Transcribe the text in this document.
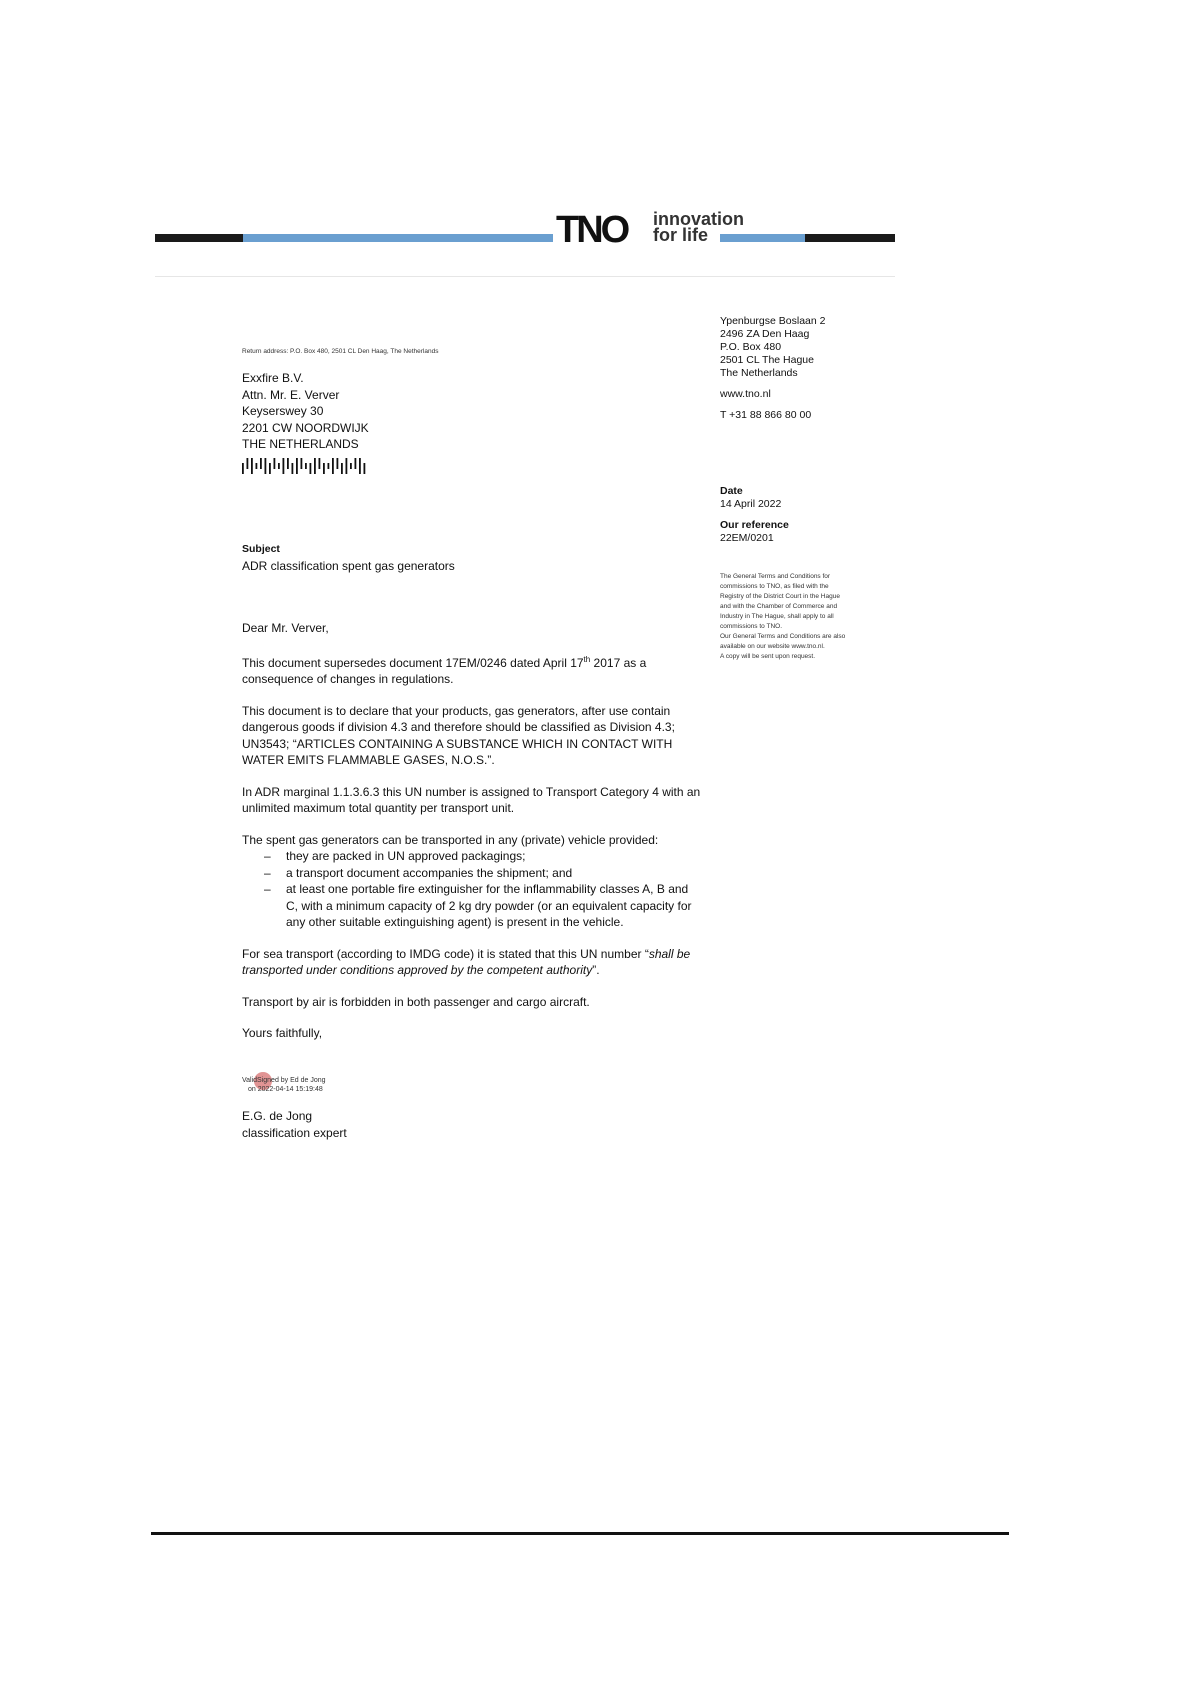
TNO innovation
for life
Ypenburgse Boslaan 2
2496 ZA Den Haag
P.O. Box 480
2501 CL The Hague
The Netherlands
www.tno.nl
T +31 88 866 80 00
Return address: P.O. Box 480, 2501 CL Den Haag, The Netherlands
Exxfire B.V.
Attn. Mr. E. Verver
Keyserswey 30
2201 CW NOORDWIJK
THE NETHERLANDS
Date
14 April 2022
Our reference
22EM/0201
The General Terms and Conditions for
commissions to TNO, as filed with the
Registry of the District Court in the Hague
and with the Chamber of Commerce and
Industry in The Hague, shall apply to all
commissions to TNO.
Our General Terms and Conditions are also
available on our website www.tno.nl.
A copy will be sent upon request.
Subject
ADR classification spent gas generators

Dear Mr. Verver,

This document supersedes document 17EM/0246 dated April 17th 2017 as a consequence of changes in regulations.

This document is to declare that your products, gas generators, after use contain dangerous goods if division 4.3 and therefore should be classified as Division 4.3; UN3543; “ARTICLES CONTAINING A SUBSTANCE WHICH IN CONTACT WITH WATER EMITS FLAMMABLE GASES, N.O.S.”.

In ADR marginal 1.1.3.6.3 this UN number is assigned to Transport Category 4 with an unlimited maximum total quantity per transport unit.

The spent gas generators can be transported in any (private) vehicle provided:
– they are packed in UN approved packagings;
– a transport document accompanies the shipment; and
– at least one portable fire extinguisher for the inflammability classes A, B and C, with a minimum capacity of 2 kg dry powder (or an equivalent capacity for any other suitable extinguishing agent) is present in the vehicle.

For sea transport (according to IMDG code) it is stated that this UN number “shall be transported under conditions approved by the competent authority”.

Transport by air is forbidden in both passenger and cargo aircraft.

Yours faithfully,

ValidSigned by Ed de Jong
on 2022-04-14 15:19:48
E.G. de Jong
classification expert
